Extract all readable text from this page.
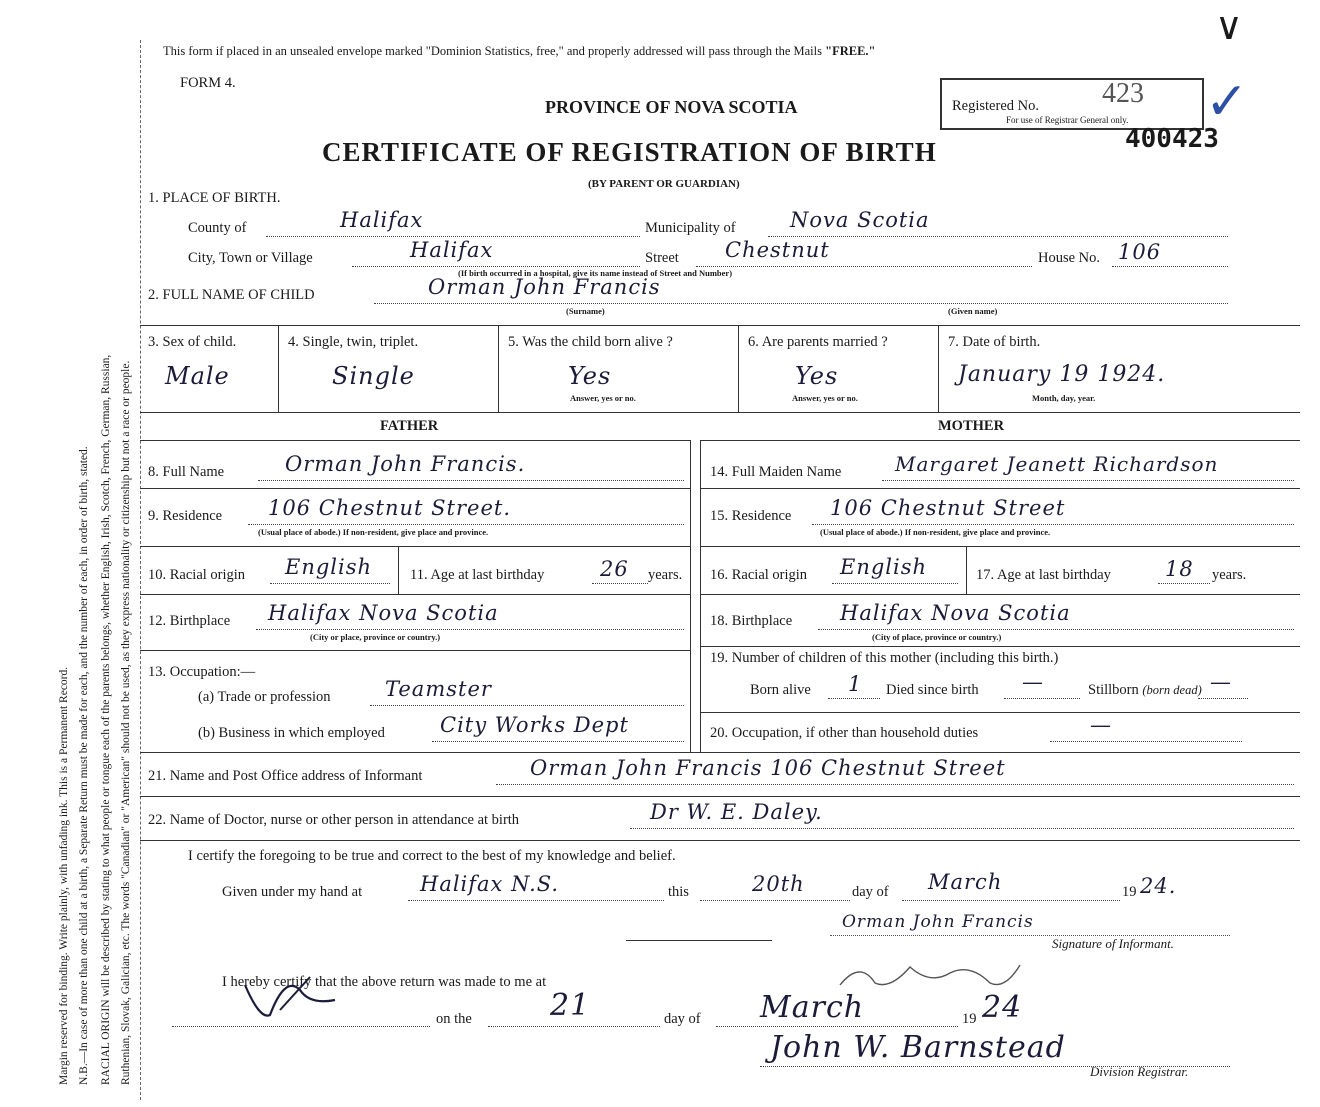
Margin reserved for binding. Write plainly, with unfading ink. This is a Permanent Record. N.B.—In case of more than one child at a birth, a Separate Return must be made for each, and the number of each, in order of birth, stated. RACIAL ORIGIN will be described by stating to what people or tongue each of the parents belongs, whether English, Irish, Scotch, French, German, Russian, Ruthenian, Slovak, Galician, etc. The words "Canadian" or "American" should not be used, as they express nationality or citizenship but not a race or people.
This form if placed in an unsealed envelope marked "Dominion Statistics, free," and properly addressed will pass through the Mails "FREE."
FORM 4.
PROVINCE OF NOVA SCOTIA
CERTIFICATE OF REGISTRATION OF BIRTH
(BY PARENT OR GUARDIAN)
Registered No. 423
For use of Registrar General only. ✓
400423
∨
1. PLACE OF BIRTH.
County of	Halifax	Municipality of	Nova Scotia
City, Town or Village	Halifax	Street Chestnut	House No. 106
(If birth occurred in a hospital, give its name instead of Street and Number)
2. FULL NAME OF CHILD	Orman John Francis
(Surname)	(Given name)
3. Sex of child.
Male
4. Single, twin, triplet.
Single
5. Was the child born alive ?
Yes
Answer, yes or no.
6. Are parents married ?
Yes
Answer, yes or no.
7. Date of birth.
January 19 1924.
Month, day, year.
FATHER	MOTHER
8. Full Name	Orman John Francis.
9. Residence 106 Chestnut Street.
(Usual place of abode.) If non-resident, give place and province.
10. Racial origin English	11. Age at last birthday	26 years.
12. Birthplace Halifax Nova Scotia
(City or place, province or country.)
13. Occupation:—
(a) Trade or profession	Teamster
(b) Business in which employed	City Works Dept
14. Full Maiden Name	Margaret Jeanett Richardson
15. Residence 106 Chestnut Street
(Usual place of abode.) If non-resident, give place and province.
16. Racial origin English	17. Age at last birthday	18 years.
18. Birthplace Halifax Nova Scotia
(City of place, province or country.)
19. Number of children of this mother (including this birth.)
Born alive 1 Died since birth —	Stillborn (born dead) —
20. Occupation, if other than household duties	—
21. Name and Post Office address of Informant	Orman John Francis 106 Chestnut Street
22. Name of Doctor, nurse or other person in attendance at birth	Dr W. E. Daley.
I certify the foregoing to be true and correct to the best of my knowledge and belief.
Given under my hand at	Halifax N.S.	this	20th	day of March	19 24.
Orman John Francis
Signature of Informant.
I hereby certify that the above return was made to me at
on the	21	day of March	19 24
John W. Barnstead
Division Registrar.
